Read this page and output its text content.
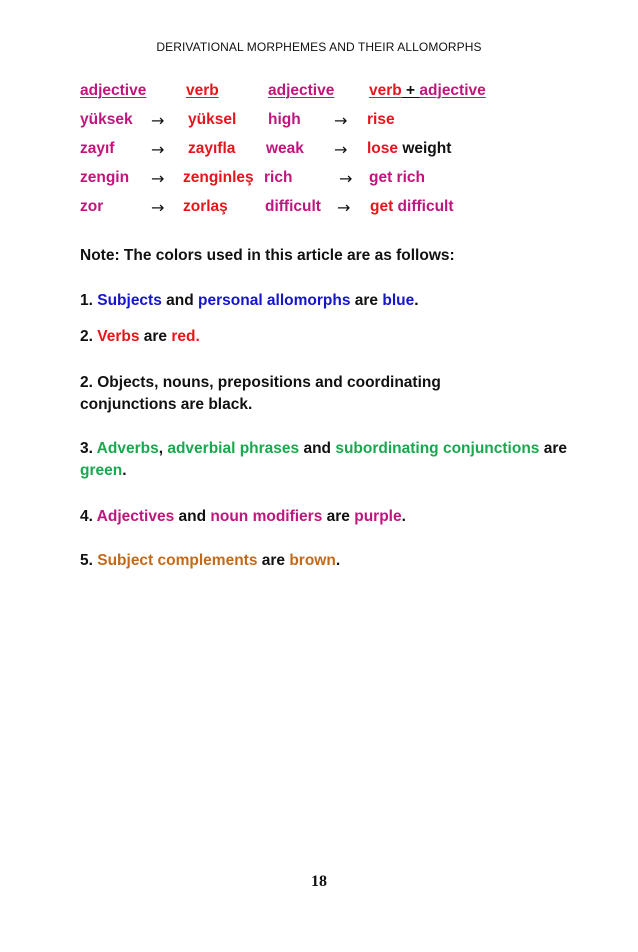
DERIVATIONAL MORPHEMES AND THEIR ALLOMORPHS
adjective	verb	adjective verb + adjective
yüksek → yüksel high → rise
zayıf → zayıfla weak → lose weight
zengin → zenginleş rich	→ get rich
zor	→ zorlaş difficult → get difficult
Note: The colors used in this article are as follows:
1. Subjects and personal allomorphs are blue.
2. Verbs are red.
2. Objects, nouns, prepositions and coordinating conjunctions are black.
3. Adverbs, adverbial phrases and subordinating conjunctions are green.
4. Adjectives and noun modifiers are purple.
5. Subject complements are brown.
18
